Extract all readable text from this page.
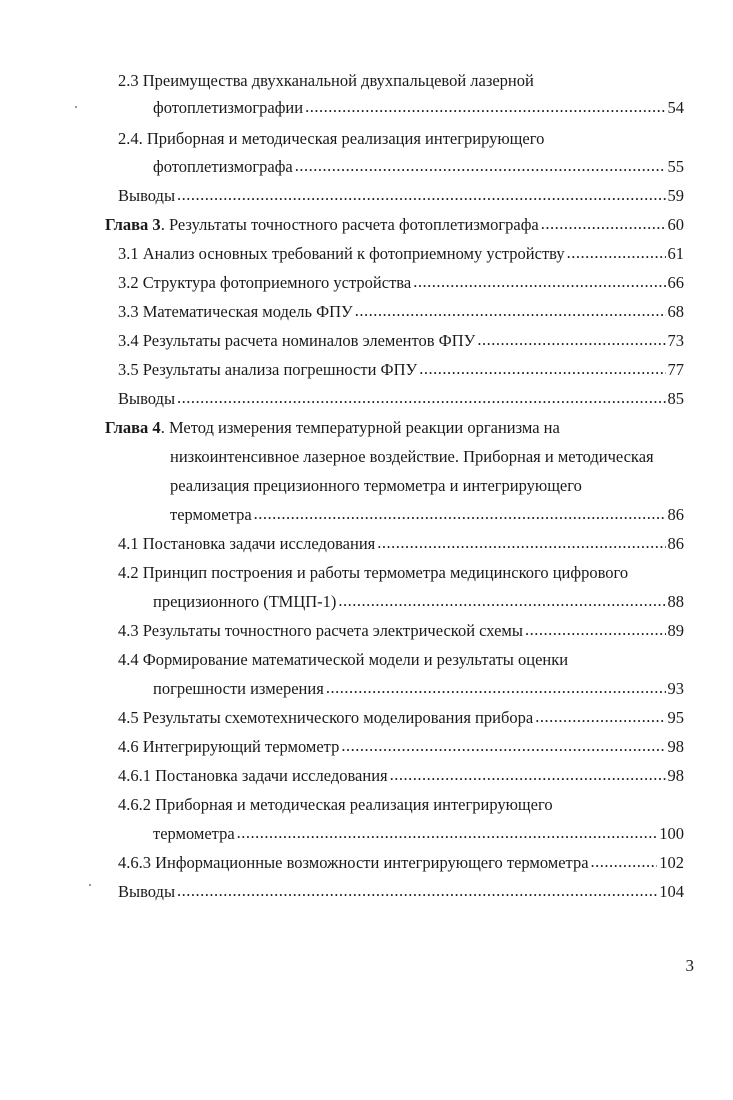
2.3 Преимущества двухканальной двухпальцевой лазерной
фотоплетизмографии .....	54
2.4. Приборная и методическая реализация интегрирующего
фотоплетизмографа .....	55
Выводы .....	59
Глава 3. Результаты точностного расчета фотоплетизмографа .....	60
3.1 Анализ основных требований к фотоприемному устройству .....	61
3.2 Структура фотоприемного устройства .....	66
3.3 Математическая модель ФПУ .....	68
3.4 Результаты расчета номиналов элементов ФПУ .....	73
3.5 Результаты анализа погрешности ФПУ .....	77
Выводы .....	85
Глава 4. Метод измерения температурной реакции организма на
низкоинтенсивное лазерное воздействие. Приборная и методическая
реализация прецизионного термометра и интегрирующего
термометра .....	86
4.1 Постановка задачи исследования .....	86
4.2 Принцип построения и работы термометра медицинского цифрового
прецизионного (ТМЦП-1) .....	88
4.3 Результаты точностного расчета электрической схемы .....	89
4.4 Формирование математической модели и результаты оценки
погрешности измерения .....	93
4.5 Результаты схемотехнического моделирования прибора .....	95
4.6 Интегрирующий термометр .....	98
4.6.1 Постановка задачи исследования .....	98
4.6.2 Приборная и методическая реализация интегрирующего
термометра .....	100
4.6.3 Информационные возможности интегрирующего термометра .....	102
Выводы .....	104
3
